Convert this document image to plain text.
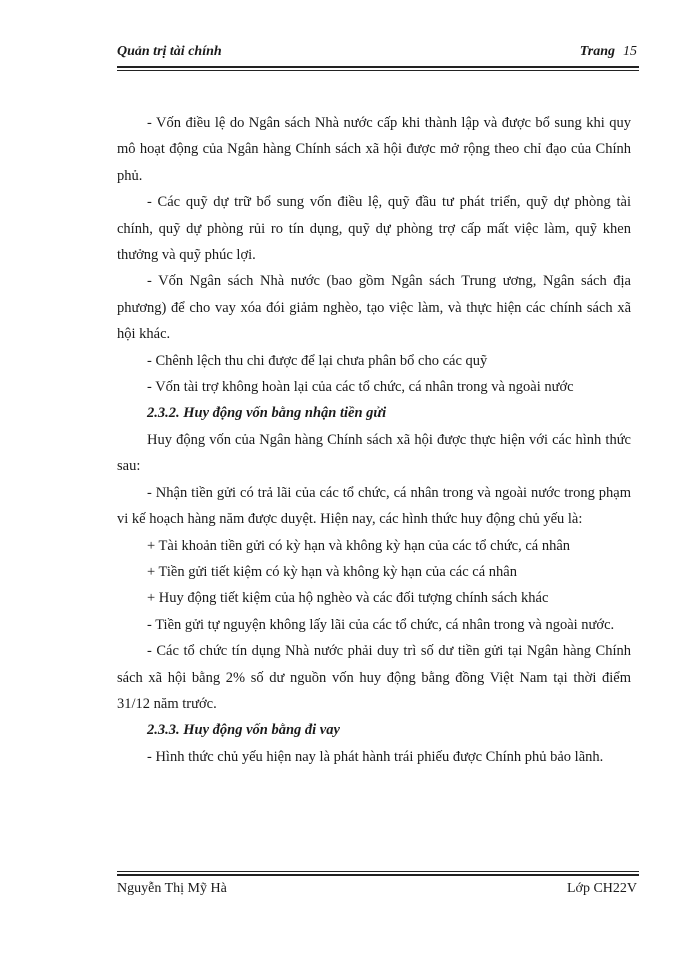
Quản trị tài chính	Trang 15

- Vốn điều lệ do Ngân sách Nhà nước cấp khi thành lập và được bổ sung khi quy mô hoạt động của Ngân hàng Chính sách xã hội được mở rộng theo chỉ đạo của Chính phủ.

- Các quỹ dự trữ bổ sung vốn điều lệ, quỹ đầu tư phát triển, quỹ dự phòng tài chính, quỹ dự phòng rủi ro tín dụng, quỹ dự phòng trợ cấp mất việc làm, quỹ khen thưởng và quỹ phúc lợi.

- Vốn Ngân sách Nhà nước (bao gồm Ngân sách Trung ương, Ngân sách địa phương) để cho vay xóa đói giảm nghèo, tạo việc làm, và thực hiện các chính sách xã hội khác.

- Chênh lệch thu chi được để lại chưa phân bổ cho các quỹ

- Vốn tài trợ không hoàn lại của các tổ chức, cá nhân trong và ngoài nước

2.3.2. Huy động vốn bằng nhận tiền gửi

Huy động vốn của Ngân hàng Chính sách xã hội được thực hiện với các hình thức sau:

- Nhận tiền gửi có trả lãi của các tổ chức, cá nhân trong và ngoài nước trong phạm vi kế hoạch hàng năm được duyệt. Hiện nay, các hình thức huy động chủ yếu là:

+ Tài khoản tiền gửi có kỳ hạn và không kỳ hạn của các tổ chức, cá nhân

+ Tiền gửi tiết kiệm có kỳ hạn và không kỳ hạn của các cá nhân

+ Huy động tiết kiệm của hộ nghèo và các đối tượng chính sách khác

- Tiền gửi tự nguyện không lấy lãi của các tổ chức, cá nhân trong và ngoài nước.

- Các tổ chức tín dụng Nhà nước phải duy trì số dư tiền gửi tại Ngân hàng Chính sách xã hội bằng 2% số dư nguồn vốn huy động bằng đồng Việt Nam tại thời điểm 31/12 năm trước.

2.3.3. Huy động vốn bằng đi vay

- Hình thức chủ yếu hiện nay là phát hành trái phiếu được Chính phủ bảo lãnh.

Nguyễn Thị Mỹ Hà	Lớp CH22V
